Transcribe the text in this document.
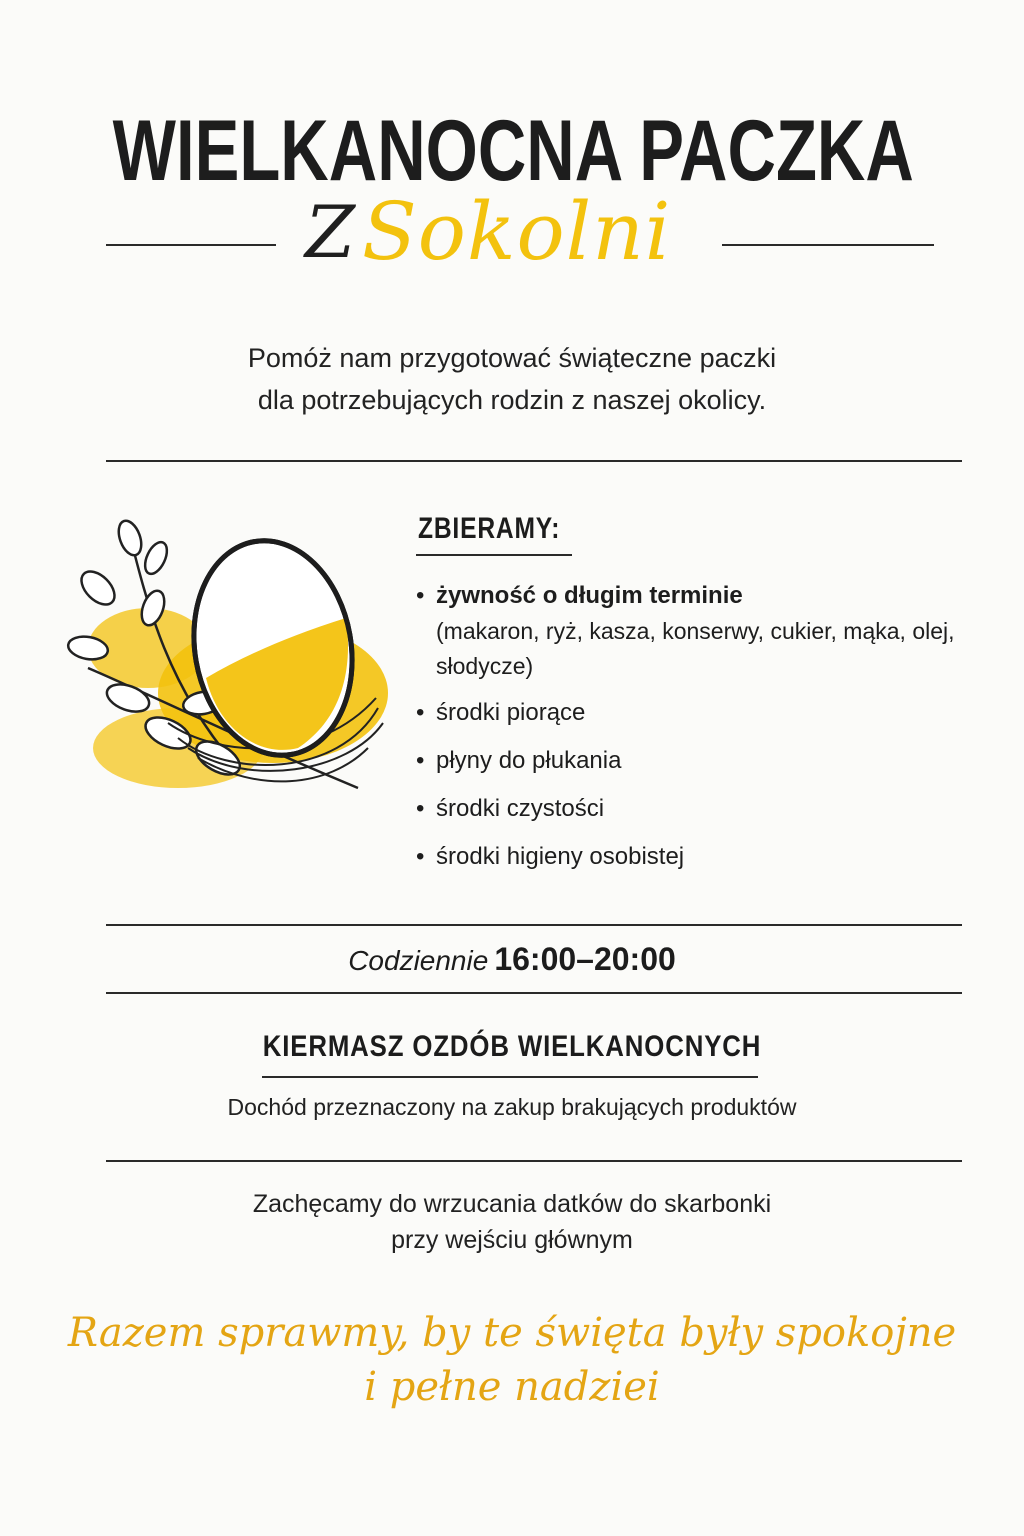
WIELKANOCNA PACZKA
Z Sokolni
Pomóż nam przygotować świąteczne paczki
dla potrzebujących rodzin z naszej okolicy.
ZBIERAMY:
• żywność o długim terminie
(makaron, ryż, kasza, konserwy, cukier, mąka, olej, słodycze)
• środki piorące
• płyny do płukania
• środki czystości
• środki higieny osobistej
Codziennie 16:00–20:00
KIERMASZ OZDÓB WIELKANOCNYCH
Dochód przeznaczony na zakup brakujących produktów
Zachęcamy do wrzucania datków do skarbonki
przy wejściu głównym
Razem sprawmy, by te święta były spokojne
i pełne nadziei
